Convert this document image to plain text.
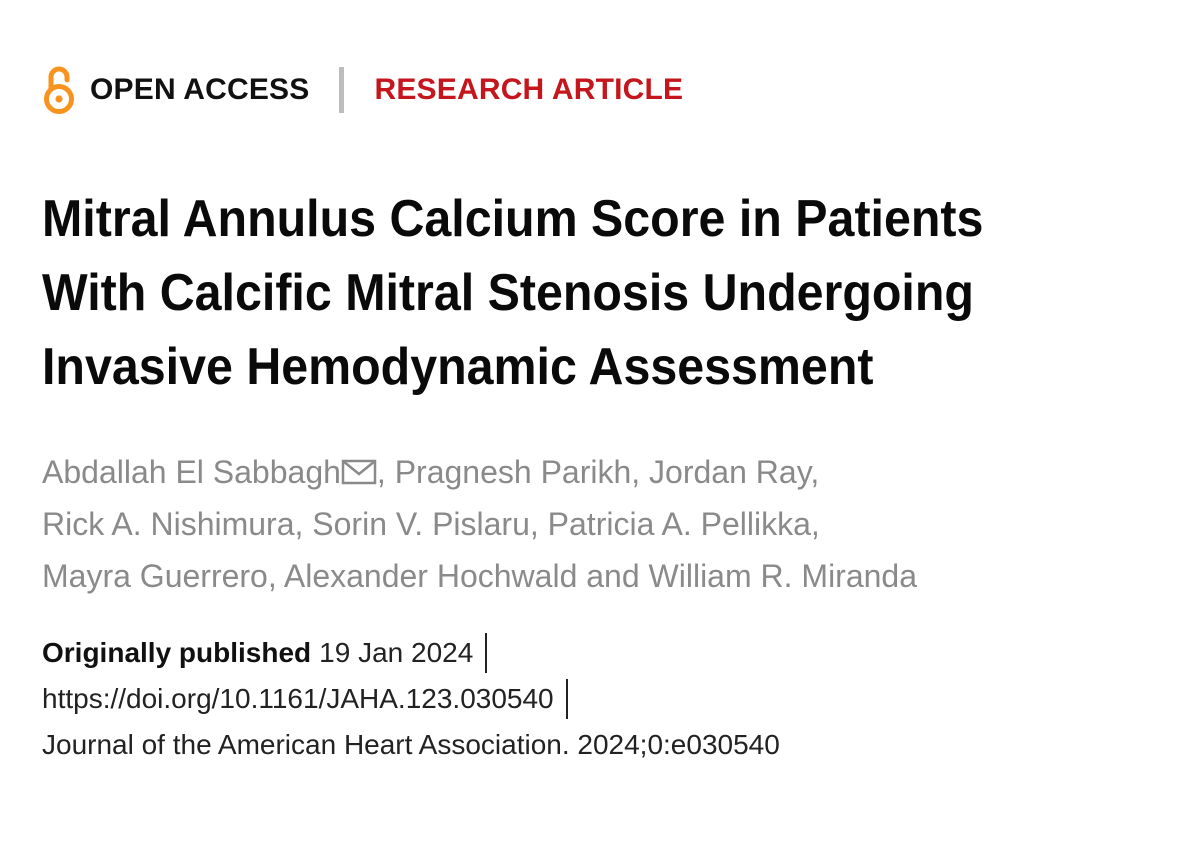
OPEN ACCESS RESEARCH ARTICLE
Mitral Annulus Calcium Score in Patients With Calcific Mitral Stenosis Undergoing Invasive Hemodynamic Assessment
Abdallah El Sabbagh , Pragnesh Parikh, Jordan Ray,
Rick A. Nishimura, Sorin V. Pislaru, Patricia A. Pellikka,
Mayra Guerrero, Alexander Hochwald and William R. Miranda
Originally published 19 Jan 2024
https://doi.org/10.1161/JAHA.123.030540
Journal of the American Heart Association. 2024;0:e030540
